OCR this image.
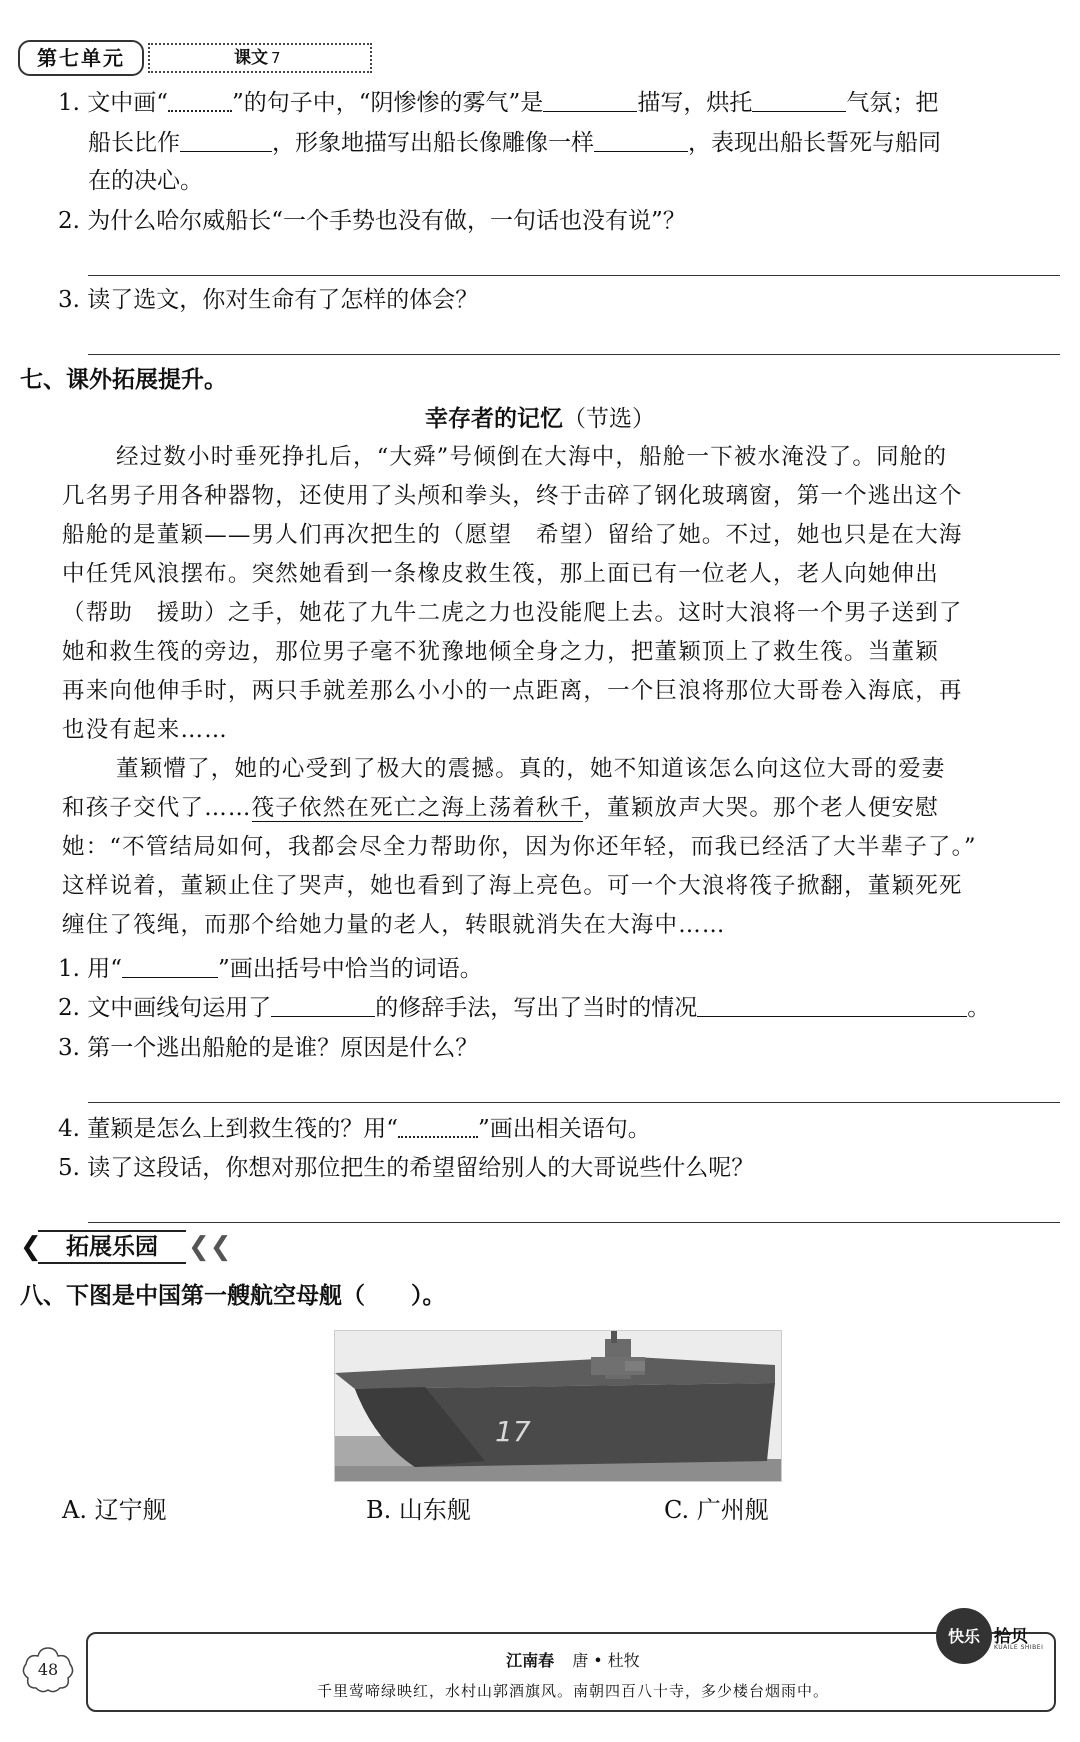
第七单元	课文 7
1. 文中画“	”的句子中，“阴惨惨的雾气”是	描写，烘托	气氛；把
船长比作	，形象地描写出船长像雕像一样	，表现出船长誓死与船同
在的决心。
2. 为什么哈尔威船长“一个手势也没有做，一句话也没有说”？
3. 读了选文，你对生命有了怎样的体会？
七、课外拓展提升。
幸存者的记忆（节选）
经过数小时垂死挣扎后，“大舜”号倾倒在大海中，船舱一下被水淹没了。同舱的
几名男子用各种器物，还使用了头颅和拳头，终于击碎了钢化玻璃窗，第一个逃出这个
船舱的是董颖——男人们再次把生的（愿望　希望）留给了她。不过，她也只是在大海
中任凭风浪摆布。突然她看到一条橡皮救生筏，那上面已有一位老人，老人向她伸出
（帮助　援助）之手，她花了九牛二虎之力也没能爬上去。这时大浪将一个男子送到了
她和救生筏的旁边，那位男子毫不犹豫地倾全身之力，把董颖顶上了救生筏。当董颖
再来向他伸手时，两只手就差那么小小的一点距离，一个巨浪将那位大哥卷入海底，再
也没有起来……
董颖懵了，她的心受到了极大的震撼。真的，她不知道该怎么向这位大哥的爱妻
和孩子交代了……筏子依然在死亡之海上荡着秋千，董颖放声大哭。那个老人便安慰
她：“不管结局如何，我都会尽全力帮助你，因为你还年轻，而我已经活了大半辈子了。”
这样说着，董颖止住了哭声，她也看到了海上亮色。可一个大浪将筏子掀翻，董颖死死
缠住了筏绳，而那个给她力量的老人，转眼就消失在大海中……
1. 用“	”画出括号中恰当的词语。
2. 文中画线句运用了	的修辞手法，写出了当时的情况	。
3. 第一个逃出船舱的是谁？原因是什么？
4. 董颖是怎么上到救生筏的？用“	”画出相关语句。
5. 读了这段话，你想对那位把生的希望留给别人的大哥说些什么呢？
❮	拓展乐园	❮❮
八、下图是中国第一艘航空母舰（　　）。
17
A. 辽宁舰	B. 山东舰	C. 广州舰
48	江南春 唐 • 杜牧
千里莺啼绿映红，水村山郭酒旗风。南朝四百八十寺，多少楼台烟雨中。
快乐 拾贝
KUAILE SHIBEI
